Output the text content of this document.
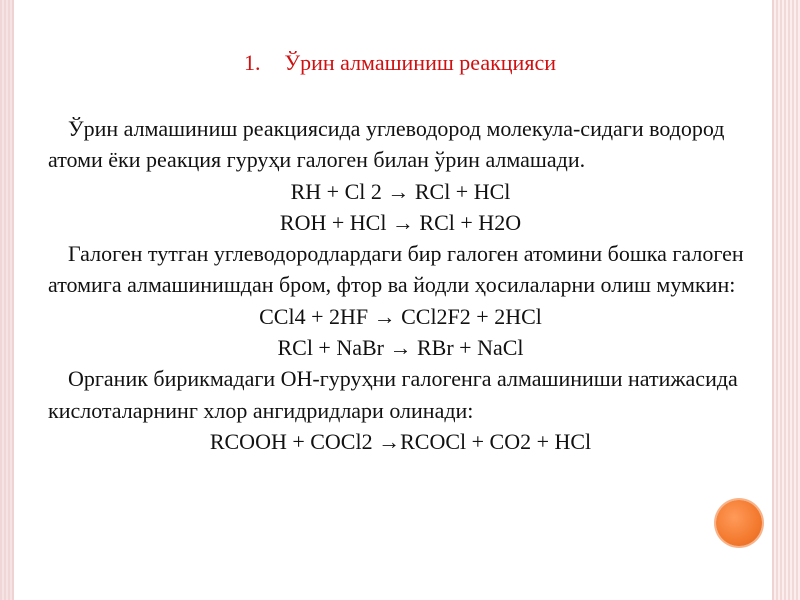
1. Ўрин алмашиниш реакцияси

Ўрин алмашиниш реакциясида углеводород молекула-сидаги водород атоми ёки реакция гуруҳи галоген билан ўрин алмашади.

RH + Cl 2 → RCl + HCl

ROH + HCl → RCl + H2O

Галоген тутган углеводородлардаги бир галоген атомини бошка галоген атомига алмашинишдан бром, фтор ва йодли ҳосилаларни олиш мумкин:

CCl4 + 2HF → CCl2F2 + 2HCl

RCl + NaBr → RBr + NaCl

Органик бирикмадаги ОН-гуруҳни галогенга алмашиниши натижасида кислоталарнинг хлор ангидридлари олинади:

RCOOH + COCl2 →RCOCl + CO2 + HCl
